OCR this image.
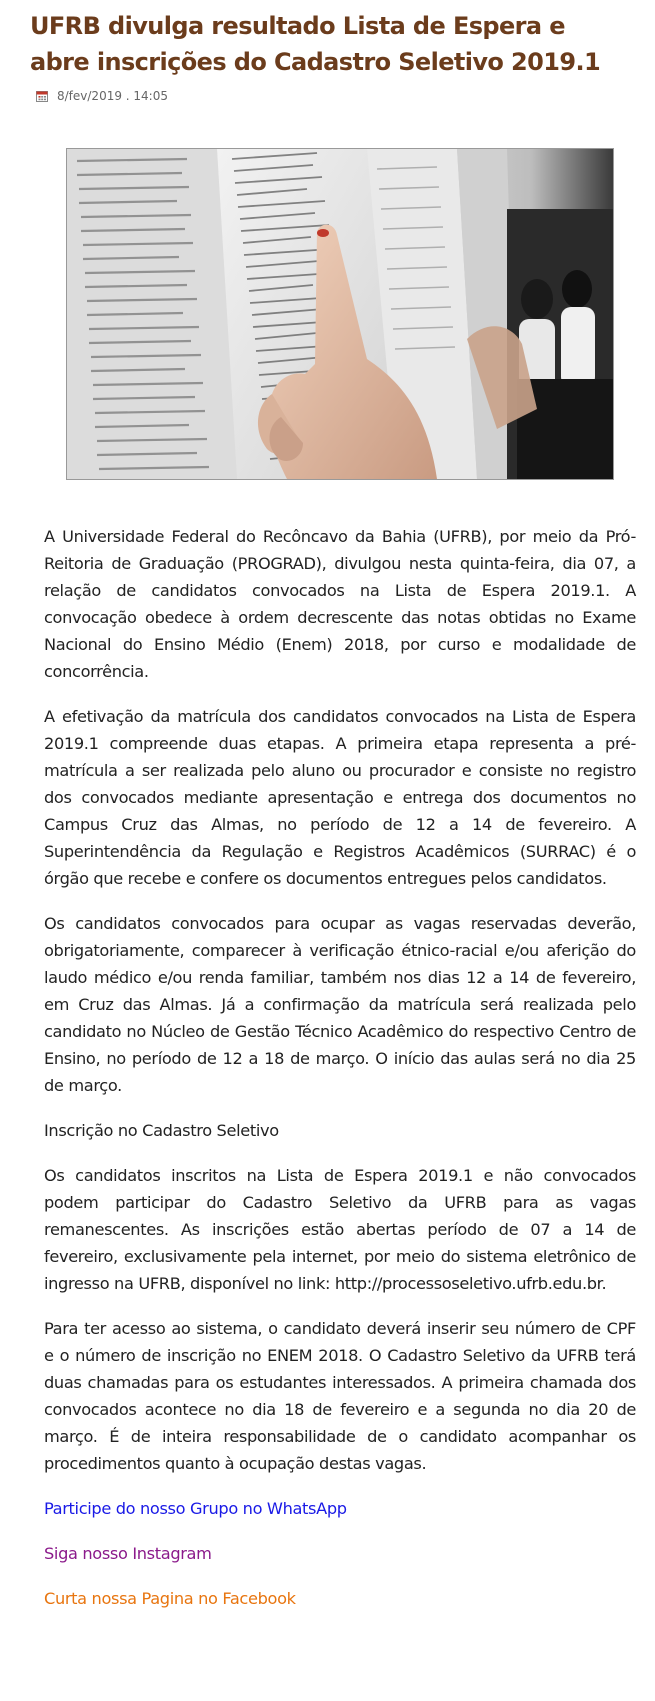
UFRB divulga resultado Lista de Espera e abre inscrições do Cadastro Seletivo 2019.1
8/fev/2019 . 14:05

A Universidade Federal do Recôncavo da Bahia (UFRB), por meio da Pró-Reitoria de Graduação (PROGRAD), divulgou nesta quinta-feira, dia 07, a relação de candidatos convocados na Lista de Espera 2019.1. A convocação obedece à ordem decrescente das notas obtidas no Exame Nacional do Ensino Médio (Enem) 2018, por curso e modalidade de concorrência.

A efetivação da matrícula dos candidatos convocados na Lista de Espera 2019.1 compreende duas etapas. A primeira etapa representa a pré-matrícula a ser realizada pelo aluno ou procurador e consiste no registro dos convocados mediante apresentação e entrega dos documentos no Campus Cruz das Almas, no período de 12 a 14 de fevereiro. A Superintendência da Regulação e Registros Acadêmicos (SURRAC) é o órgão que recebe e confere os documentos entregues pelos candidatos.

Os candidatos convocados para ocupar as vagas reservadas deverão, obrigatoriamente, comparecer à verificação étnico-racial e/ou aferição do laudo médico e/ou renda familiar, também nos dias 12 a 14 de fevereiro, em Cruz das Almas. Já a confirmação da matrícula será realizada pelo candidato no Núcleo de Gestão Técnico Acadêmico do respectivo Centro de Ensino, no período de 12 a 18 de março. O início das aulas será no dia 25 de março.

Inscrição no Cadastro Seletivo

Os candidatos inscritos na Lista de Espera 2019.1 e não convocados podem participar do Cadastro Seletivo da UFRB para as vagas remanescentes. As inscrições estão abertas período de 07 a 14 de fevereiro, exclusivamente pela internet, por meio do sistema eletrônico de ingresso na UFRB, disponível no link: http://processoseletivo.ufrb.edu.br.

Para ter acesso ao sistema, o candidato deverá inserir seu número de CPF e o número de inscrição no ENEM 2018. O Cadastro Seletivo da UFRB terá duas chamadas para os estudantes interessados. A primeira chamada dos convocados acontece no dia 18 de fevereiro e a segunda no dia 20 de março. É de inteira responsabilidade de o candidato acompanhar os procedimentos quanto à ocupação destas vagas.

Participe do nosso Grupo no WhatsApp

Siga nosso Instagram

Curta nossa Pagina no Facebook
